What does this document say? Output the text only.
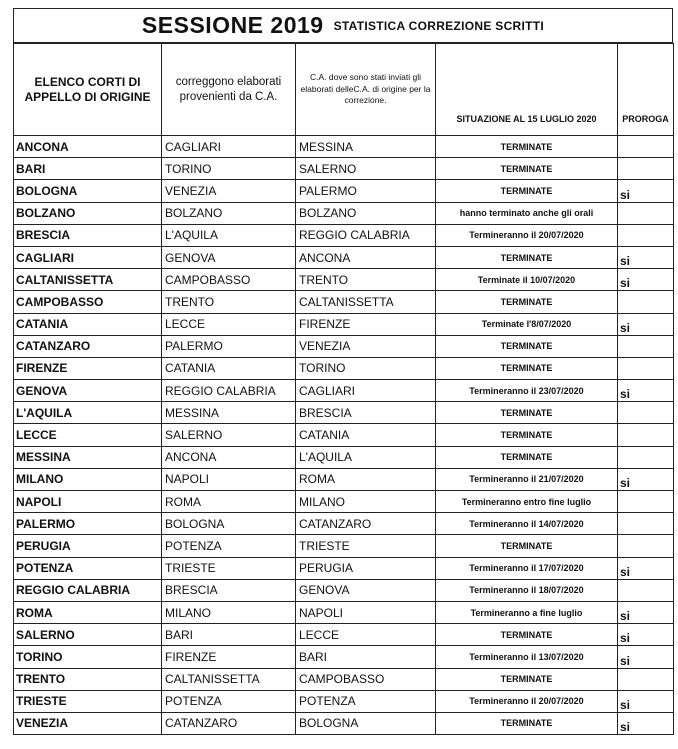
SESSIONE 2019 STATISTICA CORREZIONE SCRITTI
ELENCO CORTI DI APPELLO DI ORIGINE	correggono elaborati provenienti da C.A.	C.A. dove sono stati inviati gli elaborati delleC.A. di origine per la correzione.	SITUAZIONE AL 15 LUGLIO 2020	PROROGA
ANCONA	CAGLIARI	MESSINA	TERMINATE	
BARI	TORINO	SALERNO	TERMINATE	
BOLOGNA	VENEZIA	PALERMO	TERMINATE	si
BOLZANO	BOLZANO	BOLZANO	hanno terminato anche gli orali	
BRESCIA	L'AQUILA	REGGIO CALABRIA	Termineranno il 20/07/2020	
CAGLIARI	GENOVA	ANCONA	TERMINATE	si
CALTANISSETTA	CAMPOBASSO	TRENTO	Terminate il 10/07/2020	si
CAMPOBASSO	TRENTO	CALTANISSETTA	TERMINATE	
CATANIA	LECCE	FIRENZE	Terminate l'8/07/2020	si
CATANZARO	PALERMO	VENEZIA	TERMINATE	
FIRENZE	CATANIA	TORINO	TERMINATE	
GENOVA	REGGIO CALABRIA	CAGLIARI	Termineranno il 23/07/2020	si
L'AQUILA	MESSINA	BRESCIA	TERMINATE	
LECCE	SALERNO	CATANIA	TERMINATE	
MESSINA	ANCONA	L'AQUILA	TERMINATE	
MILANO	NAPOLI	ROMA	Termineranno il 21/07/2020	si
NAPOLI	ROMA	MILANO	Termineranno entro fine luglio	
PALERMO	BOLOGNA	CATANZARO	Termineranno il 14/07/2020	
PERUGIA	POTENZA	TRIESTE	TERMINATE	
POTENZA	TRIESTE	PERUGIA	Termineranno il 17/07/2020	si
REGGIO CALABRIA	BRESCIA	GENOVA	Termineranno il 18/07/2020	
ROMA	MILANO	NAPOLI	Termineranno a fine luglio	si
SALERNO	BARI	LECCE	TERMINATE	si
TORINO	FIRENZE	BARI	Termineranno il 13/07/2020	si
TRENTO	CALTANISSETTA	CAMPOBASSO	TERMINATE	
TRIESTE	POTENZA	POTENZA	Termineranno il 20/07/2020	si
VENEZIA	CATANZARO	BOLOGNA	TERMINATE	si
